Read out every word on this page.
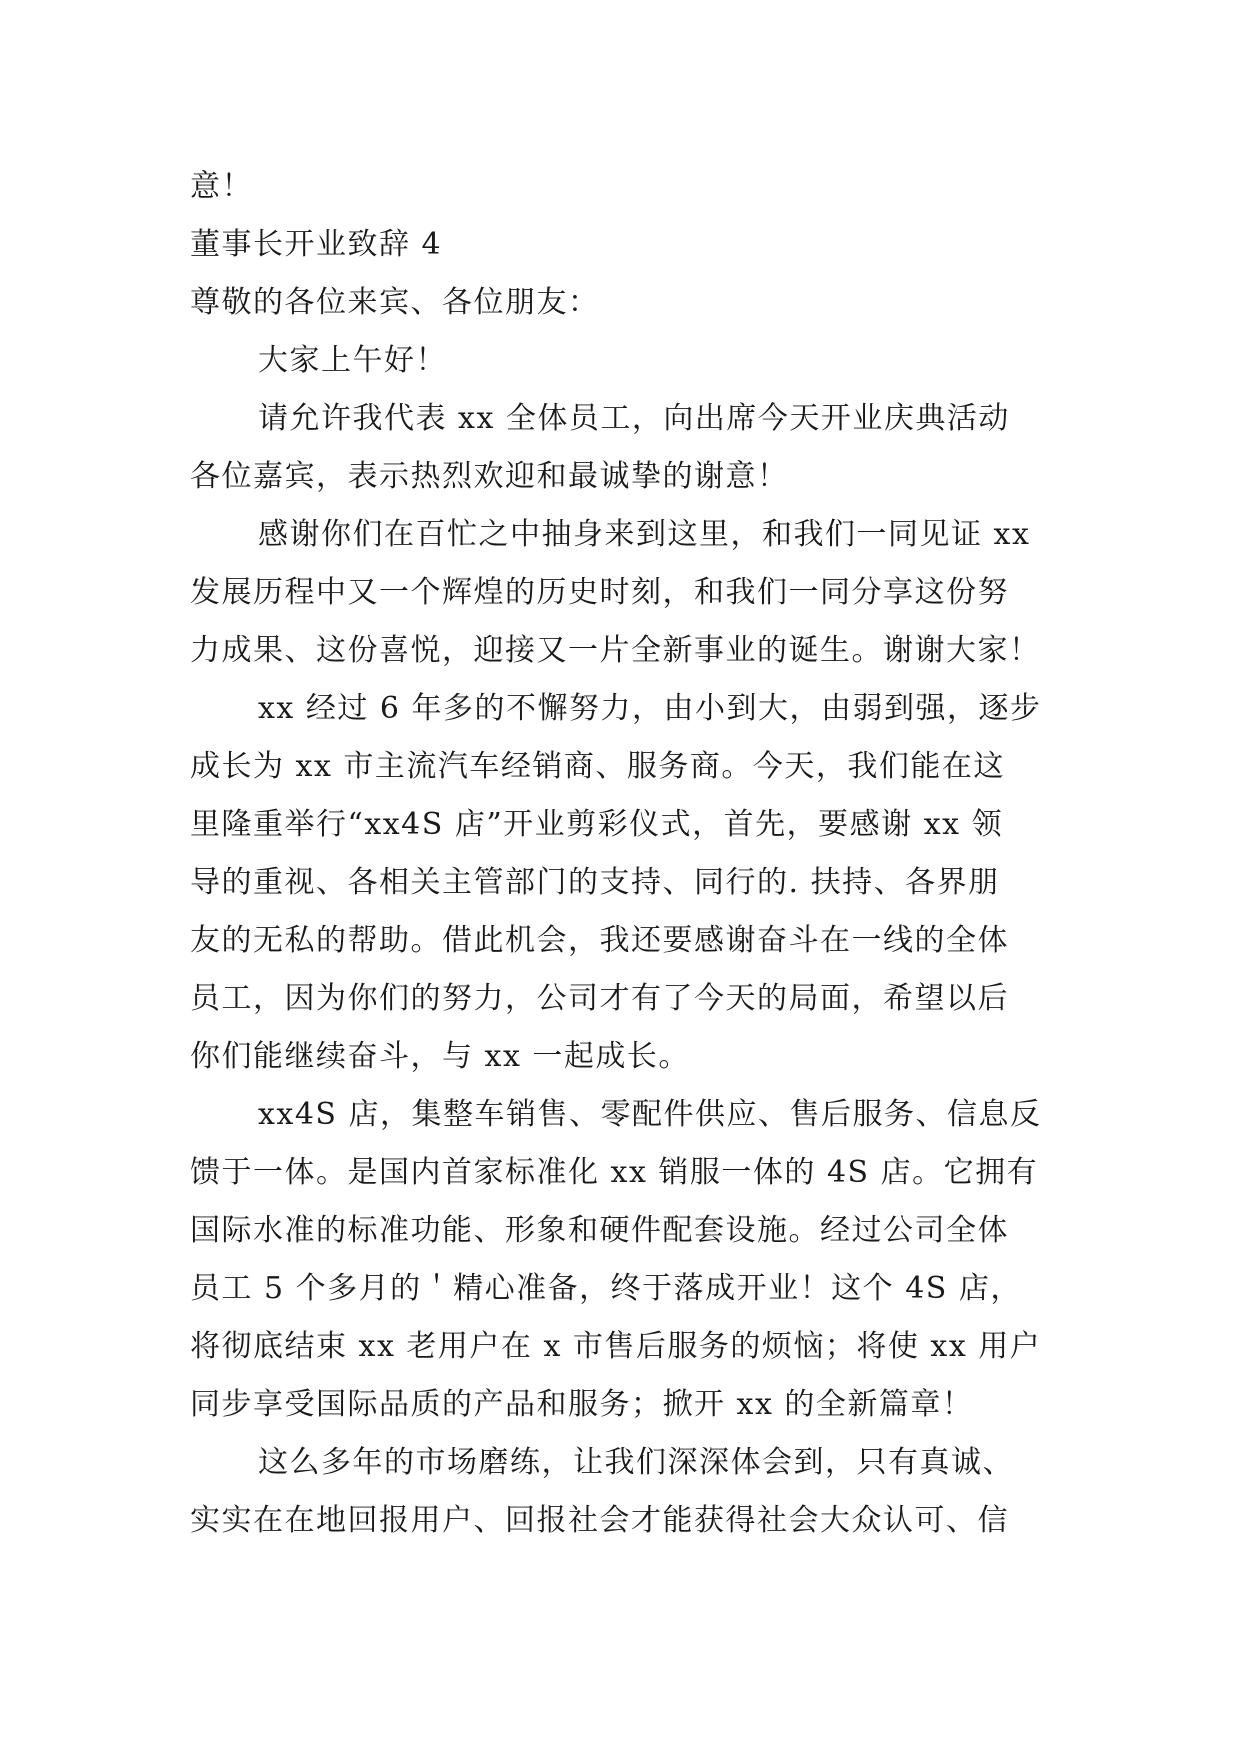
意！
董事长开业致辞 4
尊敬的各位来宾、各位朋友：
大家上午好！
请允许我代表 xx 全体员工，向出席今天开业庆典活动
各位嘉宾，表示热烈欢迎和最诚挚的谢意！
感谢你们在百忙之中抽身来到这里，和我们一同见证 xx
发展历程中又一个辉煌的历史时刻，和我们一同分享这份努
力成果、这份喜悦，迎接又一片全新事业的诞生。谢谢大家！
xx 经过 6 年多的不懈努力，由小到大，由弱到强，逐步
成长为 xx 市主流汽车经销商、服务商。今天，我们能在这
里隆重举行“xx4S 店”开业剪彩仪式，首先，要感谢 xx 领
导的重视、各相关主管部门的支持、同行的. 扶持、各界朋
友的无私的帮助。借此机会，我还要感谢奋斗在一线的全体
员工，因为你们的努力，公司才有了今天的局面，希望以后
你们能继续奋斗，与 xx 一起成长。
xx4S 店，集整车销售、零配件供应、售后服务、信息反
馈于一体。是国内首家标准化 xx 销服一体的 4S 店。它拥有
国际水准的标准功能、形象和硬件配套设施。经过公司全体
员工 5 个多月的＇精心准备，终于落成开业！这个 4S 店，
将彻底结束 xx 老用户在 x 市售后服务的烦恼；将使 xx 用户
同步享受国际品质的产品和服务；掀开 xx 的全新篇章！
这么多年的市场磨练，让我们深深体会到，只有真诚、
实实在在地回报用户、回报社会才能获得社会大众认可、信
